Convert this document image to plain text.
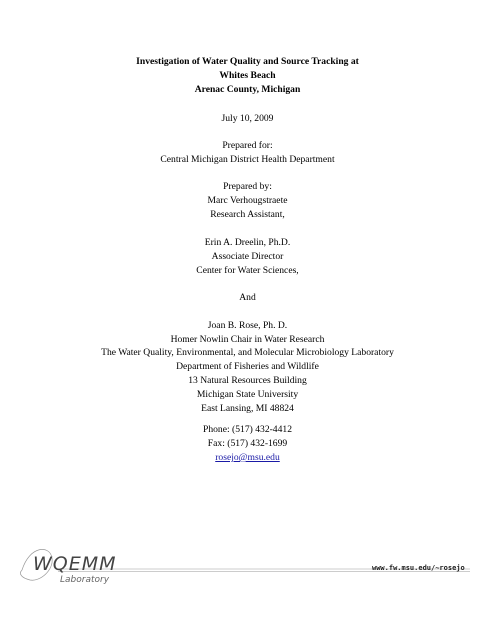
Investigation of Water Quality and Source Tracking at
Whites Beach
Arenac County, Michigan
July 10, 2009
Prepared for:
Central Michigan District Health Department
Prepared by:
Marc Verhougstraete
Research Assistant,
Erin A. Dreelin, Ph.D.
Associate Director
Center for Water Sciences,
And
Joan B. Rose, Ph. D.
Homer Nowlin Chair in Water Research
The Water Quality, Environmental, and Molecular Microbiology Laboratory
Department of Fisheries and Wildlife
13 Natural Resources Building
Michigan State University
East Lansing, MI 48824
Phone: (517) 432-4412
Fax: (517) 432-1699
rosejo@msu.edu
WQEMM
Laboratory
www.fw.msu.edu/~rosejo
